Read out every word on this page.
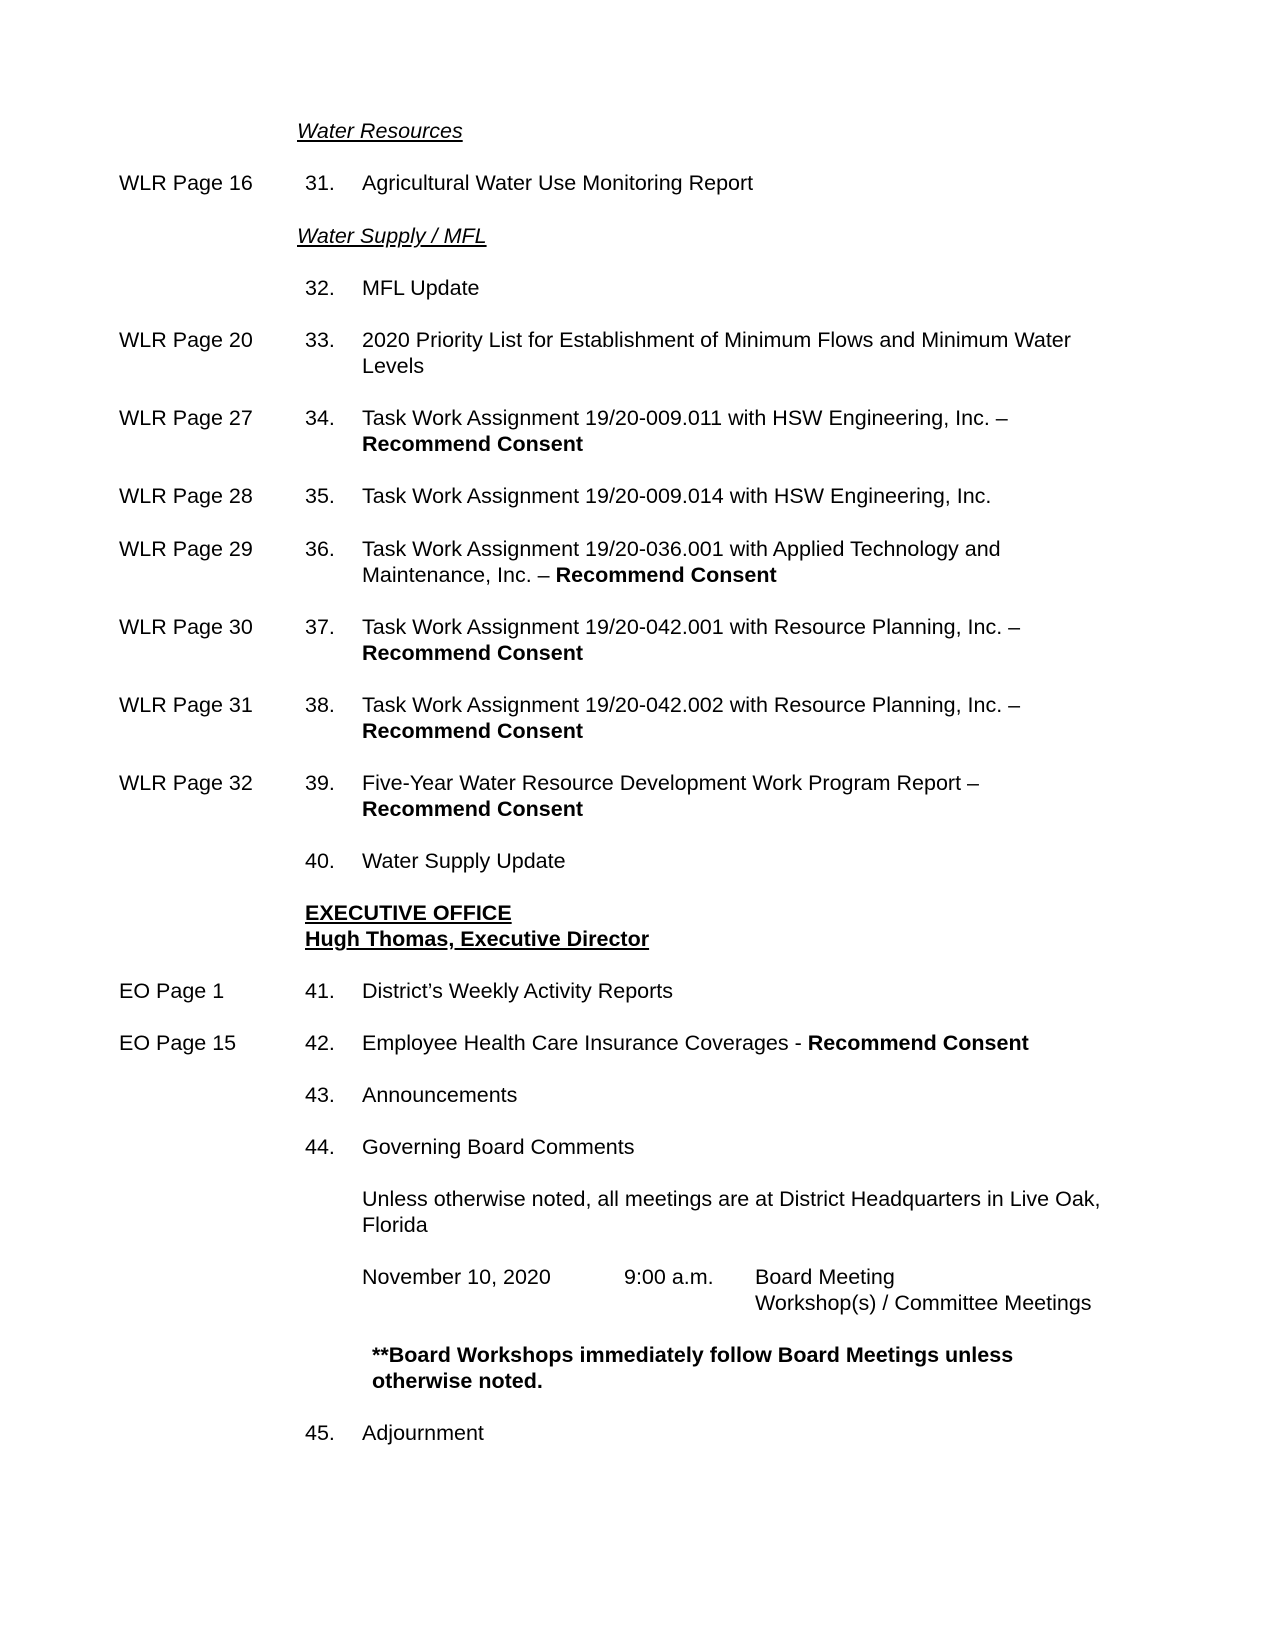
Water Resources
WLR Page 16 31. Agricultural Water Use Monitoring Report
Water Supply / MFL
32. MFL Update
WLR Page 20 33. 2020 Priority List for Establishment of Minimum Flows and Minimum Water Levels
WLR Page 27 34. Task Work Assignment 19/20-009.011 with HSW Engineering, Inc. – Recommend Consent
WLR Page 28 35. Task Work Assignment 19/20-009.014 with HSW Engineering, Inc.
WLR Page 29 36. Task Work Assignment 19/20-036.001 with Applied Technology and Maintenance, Inc. – Recommend Consent
WLR Page 30 37. Task Work Assignment 19/20-042.001 with Resource Planning, Inc. – Recommend Consent
WLR Page 31 38. Task Work Assignment 19/20-042.002 with Resource Planning, Inc. – Recommend Consent
WLR Page 32 39. Five-Year Water Resource Development Work Program Report – Recommend Consent
40. Water Supply Update
EXECUTIVE OFFICE
Hugh Thomas, Executive Director
EO Page 1	41. District’s Weekly Activity Reports
EO Page 15	42. Employee Health Care Insurance Coverages - Recommend Consent
43. Announcements
44. Governing Board Comments
Unless otherwise noted, all meetings are at District Headquarters in Live Oak, Florida
November 10, 2020	9:00 a.m. Board Meeting
Workshop(s) / Committee Meetings
**Board Workshops immediately follow Board Meetings unless otherwise noted.
45. Adjournment
